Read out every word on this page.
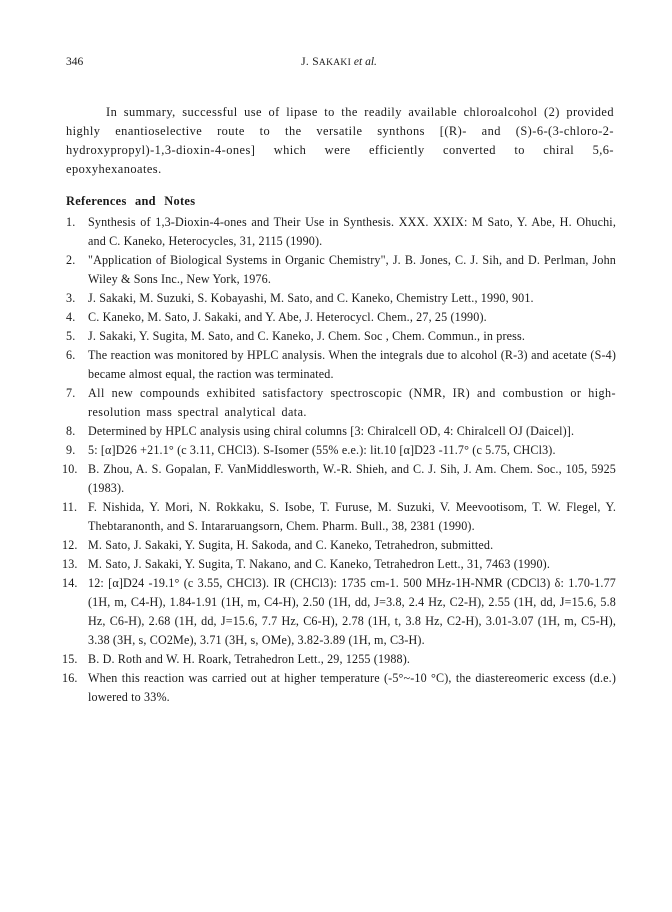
346	J. SAKAKI et al.

In summary, successful use of lipase to the readily available chloroalcohol (2) provided highly enantioselective route to the versatile synthons [(R)- and (S)-6-(3-chloro-2-hydroxypropyl)-1,3-dioxin-4-ones] which were efficiently converted to chiral 5,6-epoxyhexanoates.

References and Notes
1. Synthesis of 1,3-Dioxin-4-ones and Their Use in Synthesis. XXX. XXIX: M Sato, Y. Abe, H. Ohuchi, and C. Kaneko, Heterocycles, 31, 2115 (1990).
2. "Application of Biological Systems in Organic Chemistry", J. B. Jones, C. J. Sih, and D. Perlman, John Wiley & Sons Inc., New York, 1976.
3. J. Sakaki, M. Suzuki, S. Kobayashi, M. Sato, and C. Kaneko, Chemistry Lett., 1990, 901.
4. C. Kaneko, M. Sato, J. Sakaki, and Y. Abe, J. Heterocycl. Chem., 27, 25 (1990).
5. J. Sakaki, Y. Sugita, M. Sato, and C. Kaneko, J. Chem. Soc , Chem. Commun., in press.
6. The reaction was monitored by HPLC analysis. When the integrals due to alcohol (R-3) and acetate (S-4) became almost equal, the raction was terminated.
7. All new compounds exhibited satisfactory spectroscopic (NMR, IR) and combustion or high-resolution mass spectral analytical data.
8. Determined by HPLC analysis using chiral columns [3: Chiralcell OD, 4: Chiralcell OJ (Daicel)].
9. 5: [α]D26 +21.1° (c 3.11, CHCl3). S-Isomer (55% e.e.): lit.10 [α]D23 -11.7° (c 5.75, CHCl3).
10. B. Zhou, A. S. Gopalan, F. VanMiddlesworth, W.-R. Shieh, and C. J. Sih, J. Am. Chem. Soc., 105, 5925 (1983).
11. F. Nishida, Y. Mori, N. Rokkaku, S. Isobe, T. Furuse, M. Suzuki, V. Meevootisom, T. W. Flegel, Y. Thebtaranonth, and S. Intararuangsorn, Chem. Pharm. Bull., 38, 2381 (1990).
12. M. Sato, J. Sakaki, Y. Sugita, H. Sakoda, and C. Kaneko, Tetrahedron, submitted.
13. M. Sato, J. Sakaki, Y. Sugita, T. Nakano, and C. Kaneko, Tetrahedron Lett., 31, 7463 (1990).
14. 12: [α]D24 -19.1° (c 3.55, CHCl3). IR (CHCl3): 1735 cm-1. 500 MHz-1H-NMR (CDCl3) δ: 1.70-1.77 (1H, m, C4-H), 1.84-1.91 (1H, m, C4-H), 2.50 (1H, dd, J=3.8, 2.4 Hz, C2-H), 2.55 (1H, dd, J=15.6, 5.8 Hz, C6-H), 2.68 (1H, dd, J=15.6, 7.7 Hz, C6-H), 2.78 (1H, t, 3.8 Hz, C2-H), 3.01-3.07 (1H, m, C5-H), 3.38 (3H, s, CO2Me), 3.71 (3H, s, OMe), 3.82-3.89 (1H, m, C3-H).
15. B. D. Roth and W. H. Roark, Tetrahedron Lett., 29, 1255 (1988).
16. When this reaction was carried out at higher temperature (-5°~-10 °C), the diastereomeric excess (d.e.) lowered to 33%.
